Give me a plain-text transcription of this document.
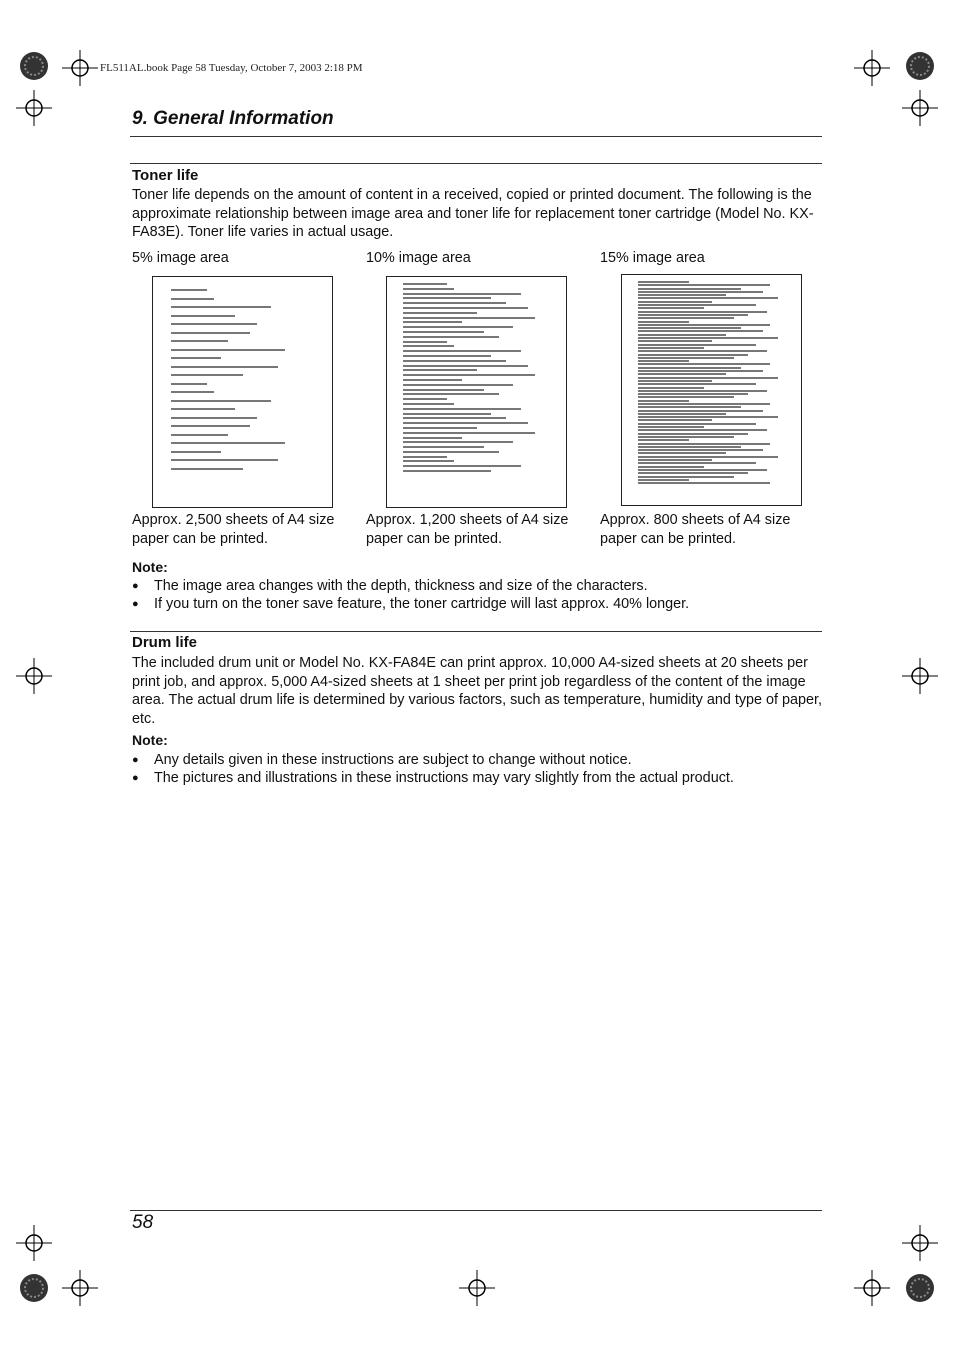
FL511AL.book Page 58 Tuesday, October 7, 2003 2:18 PM
9. General Information
Toner life

Toner life depends on the amount of content in a received, copied or printed document. The following is the approximate relationship between image area and toner life for replacement toner cartridge (Model No. KX-FA83E). Toner life varies in actual usage.

5% image area	10% image area	15% image area
Approx. 2,500 sheets of A4 size paper can be printed.
Approx. 1,200 sheets of A4 size paper can be printed.
Approx. 800 sheets of A4 size paper can be printed.
Note:
● The image area changes with the depth, thickness and size of the characters.
● If you turn on the toner save feature, the toner cartridge will last approx. 40% longer.
Drum life

The included drum unit or Model No. KX-FA84E can print approx. 10,000 A4-sized sheets at 20 sheets per print job, and approx. 5,000 A4-sized sheets at 1 sheet per print job regardless of the content of the image area. The actual drum life is determined by various factors, such as temperature, humidity and type of paper, etc.

Note:
● Any details given in these instructions are subject to change without notice.
● The pictures and illustrations in these instructions may vary slightly from the actual product.
58
